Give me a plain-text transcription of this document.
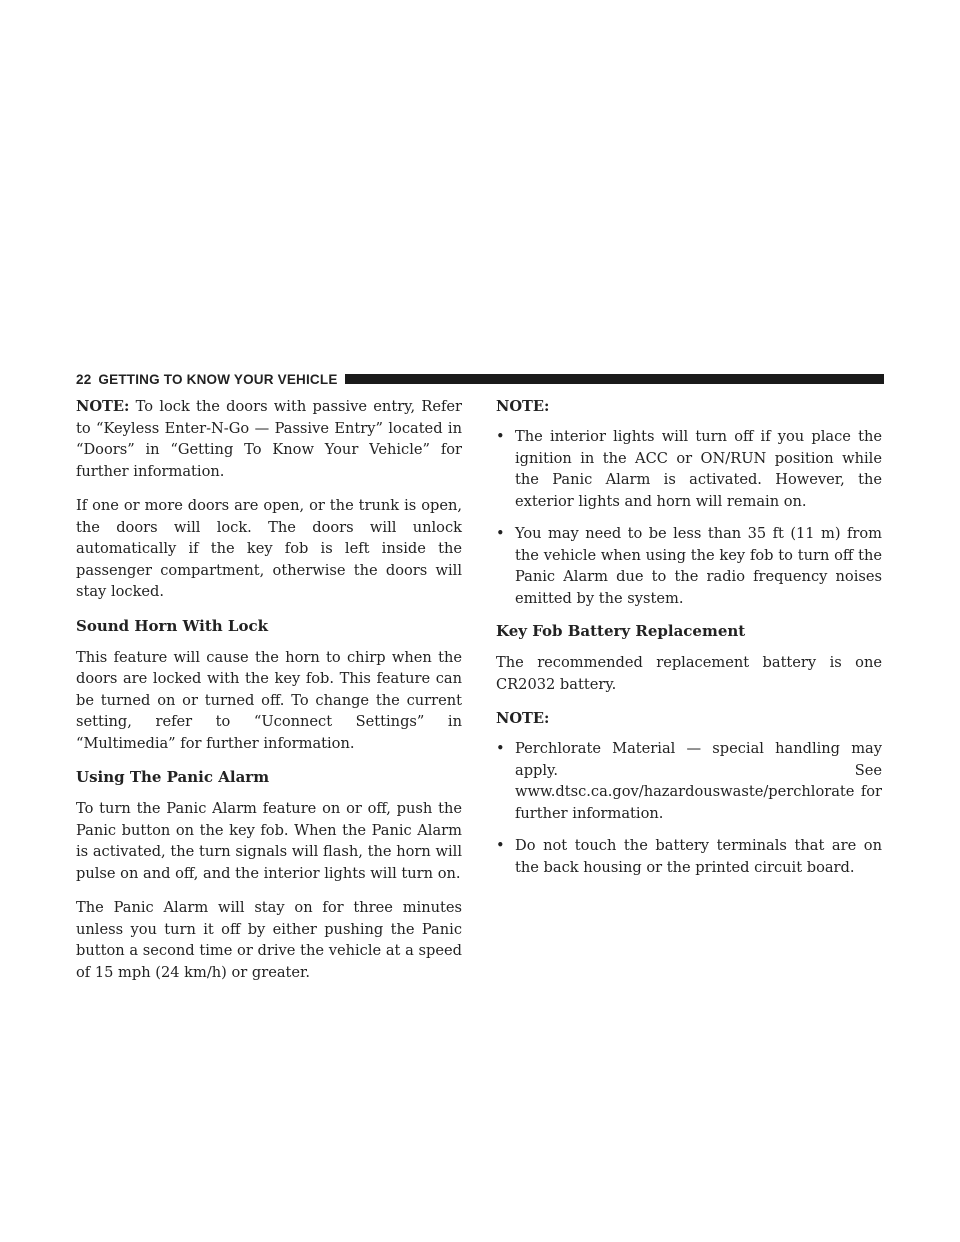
22 GETTING TO KNOW YOUR VEHICLE

NOTE: To lock the doors with passive entry, Refer to “Keyless Enter-N-Go — Passive Entry” located in “Doors” in “Getting To Know Your Vehicle” for further information.

If one or more doors are open, or the trunk is open, the doors will lock. The doors will unlock automatically if the key fob is left inside the passenger compartment, otherwise the doors will stay locked.

Sound Horn With Lock

This feature will cause the horn to chirp when the doors are locked with the key fob. This feature can be turned on or turned off. To change the current setting, refer to “Uconnect Settings” in “Multimedia” for further information.

Using The Panic Alarm

To turn the Panic Alarm feature on or off, push the Panic button on the key fob. When the Panic Alarm is activated, the turn signals will flash, the horn will pulse on and off, and the interior lights will turn on.

The Panic Alarm will stay on for three minutes unless you turn it off by either pushing the Panic button a second time or drive the vehicle at a speed of 15 mph (24 km/h) or greater.

NOTE:
• The interior lights will turn off if you place the ignition in the ACC or ON/RUN position while the Panic Alarm is activated. However, the exterior lights and horn will remain on.
• You may need to be less than 35 ft (11 m) from the vehicle when using the key fob to turn off the Panic Alarm due to the radio frequency noises emitted by the system.
Key Fob Battery Replacement

The recommended replacement battery is one CR2032 battery.

NOTE:
• Perchlorate Material — special handling may apply. See www.dtsc.ca.gov/hazardouswaste/perchlorate for further information.
• Do not touch the battery terminals that are on the back housing or the printed circuit board.
